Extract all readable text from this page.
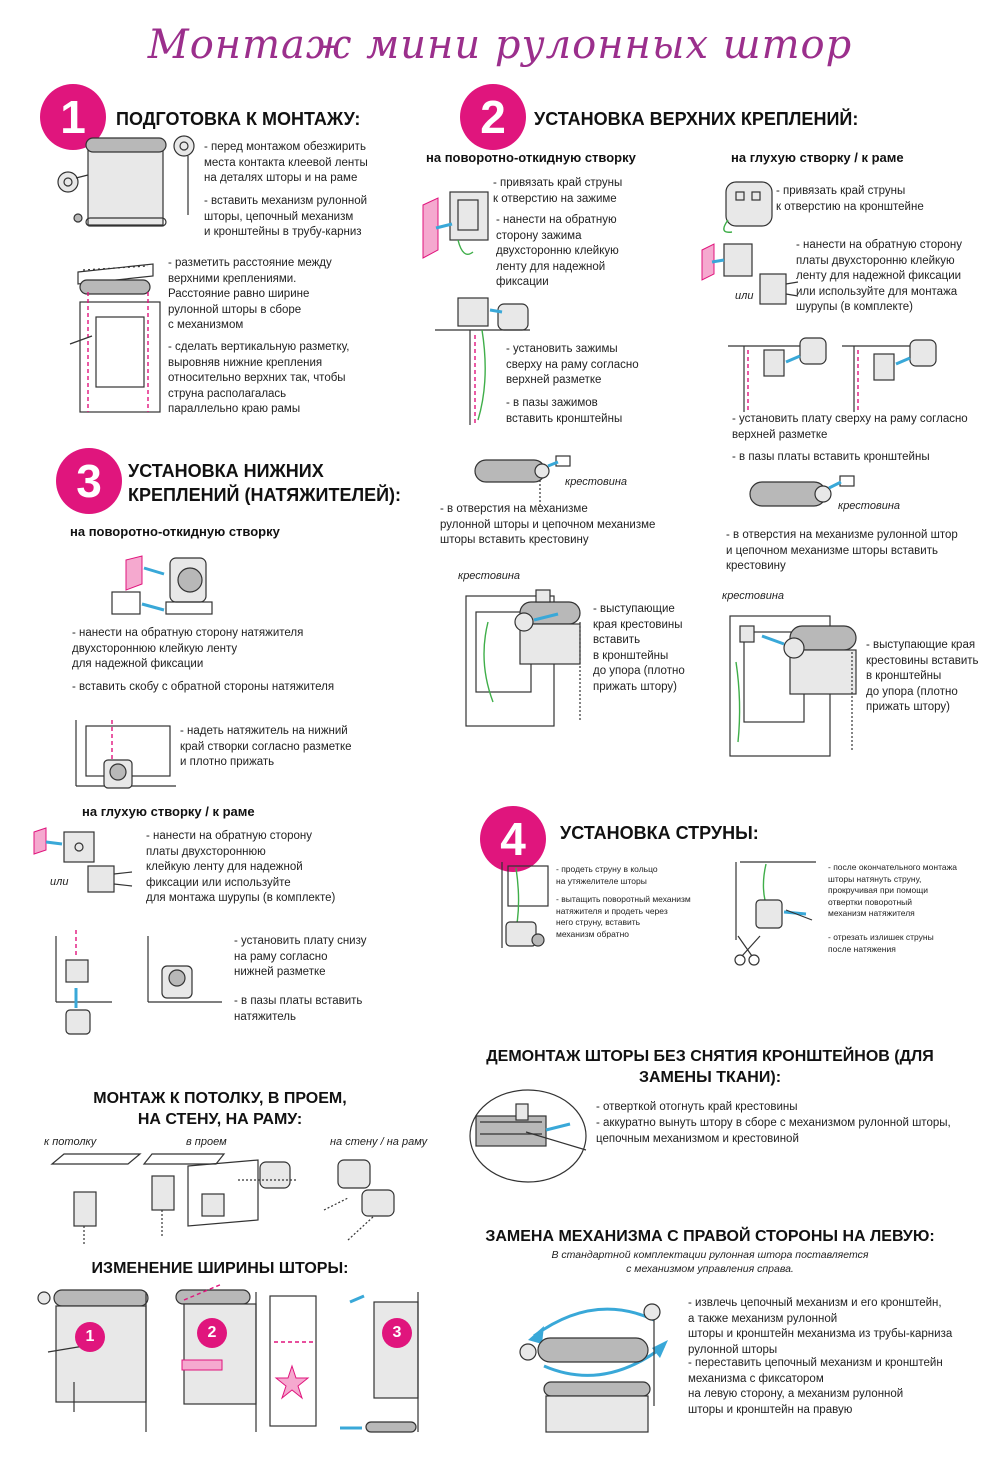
Монтаж мини рулонных штор
1	ПОДГОТОВКА К МОНТАЖУ:
- перед монтажом обезжирить
места контакта клеевой ленты
на деталях шторы и на раме
- вставить механизм рулонной
шторы, цепочный механизм
и кронштейны в трубу-карниз
- разметить расстояние между
верхними креплениями.
Расстояние равно ширине
рулонной шторы в сборе
с механизмом
- сделать вертикальную разметку,
выровняв нижние крепления
относительно верхних так, чтобы
струна располагалась
параллельно краю рамы
2	УСТАНОВКА ВЕРХНИХ КРЕПЛЕНИЙ:
на поворотно-откидную створку	на глухую створку / к раме
- привязать край струны
к отверстию на зажиме
- нанести на обратную
сторону зажима
двухсторонню клейкую
ленту для надежной
фиксации
- установить зажимы
сверху на раму согласно
верхней разметке
- в пазы зажимов
вставить кронштейны
крестовина
- в отверстия на механизме
рулонной шторы и цепочном механизме
шторы вставить крестовину
крестовина
- выступающие
края крестовины
вставить
в кронштейны
до упора (плотно
прижать штору)
- привязать край струны
к отверстию на кронштейне
или
- нанести на обратную сторону
платы двухсторонню клейкую
ленту для надежной фиксации
или используйте для монтажа
шурупы (в комплекте)
- установить плату сверху на раму согласно
верхней разметке
- в пазы платы вставить кронштейны
крестовина
- в отверстия на механизме рулонной штор
и цепочном механизме шторы вставить
крестовину
крестовина
- выступающие края
крестовины вставить
в кронштейны
до упора (плотно
прижать штору)
3	УСТАНОВКА НИЖНИХ
КРЕПЛЕНИЙ (НАТЯЖИТЕЛЕЙ):
на поворотно-откидную створку
- нанести на обратную сторону натяжителя
двухстороннюю клейкую ленту
для надежной фиксации
- вставить скобу с обратной стороны натяжителя
- надеть натяжитель на нижний
край створки согласно разметке
и плотно прижать
на глухую створку / к раме
или
- нанести на обратную сторону
платы двухстороннюю
клейкую ленту для надежной
фиксации или используйте
для монтажа шурупы (в комплекте)
- установить плату снизу
на раму согласно
нижней разметке
- в пазы платы вставить
натяжитель
4	УСТАНОВКА СТРУНЫ:
- продеть струну в кольцо
на утяжелителе шторы
- вытащить поворотный механизм
натяжителя и продеть через
него струну, вставить
механизм обратно
- после окончательного монтажа
шторы натянуть струну,
прокручивая при помощи
отвертки поворотный
механизм натяжителя
- отрезать излишек струны
после натяжения
МОНТАЖ К ПОТОЛКУ, В ПРОЕМ,
НА СТЕНУ, НА РАМУ:
к потолку	в проем	на стену / на раму
ИЗМЕНЕНИЕ ШИРИНЫ ШТОРЫ:
1	2	3
ДЕМОНТАЖ ШТОРЫ БЕЗ СНЯТИЯ КРОНШТЕЙНОВ (ДЛЯ
ЗАМЕНЫ ТКАНИ):
- отверткой отогнуть край крестовины
- аккуратно вынуть штору в сборе с механизмом рулонной шторы,
цепочным механизмом и крестовиной
ЗАМЕНА МЕХАНИЗМА С ПРАВОЙ СТОРОНЫ НА ЛЕВУЮ:
В стандартной комплектации рулонная штора поставляется
с механизмом управления справа.
- извлечь цепочный механизм и его кронштейн,
а также механизм рулонной
шторы и кронштейн механизма из трубы-карниза
рулонной шторы
- переставить цепочный механизм и кронштейн
механизма с фиксатором
на левую сторону, а механизм рулонной
шторы и кронштейн на правую
